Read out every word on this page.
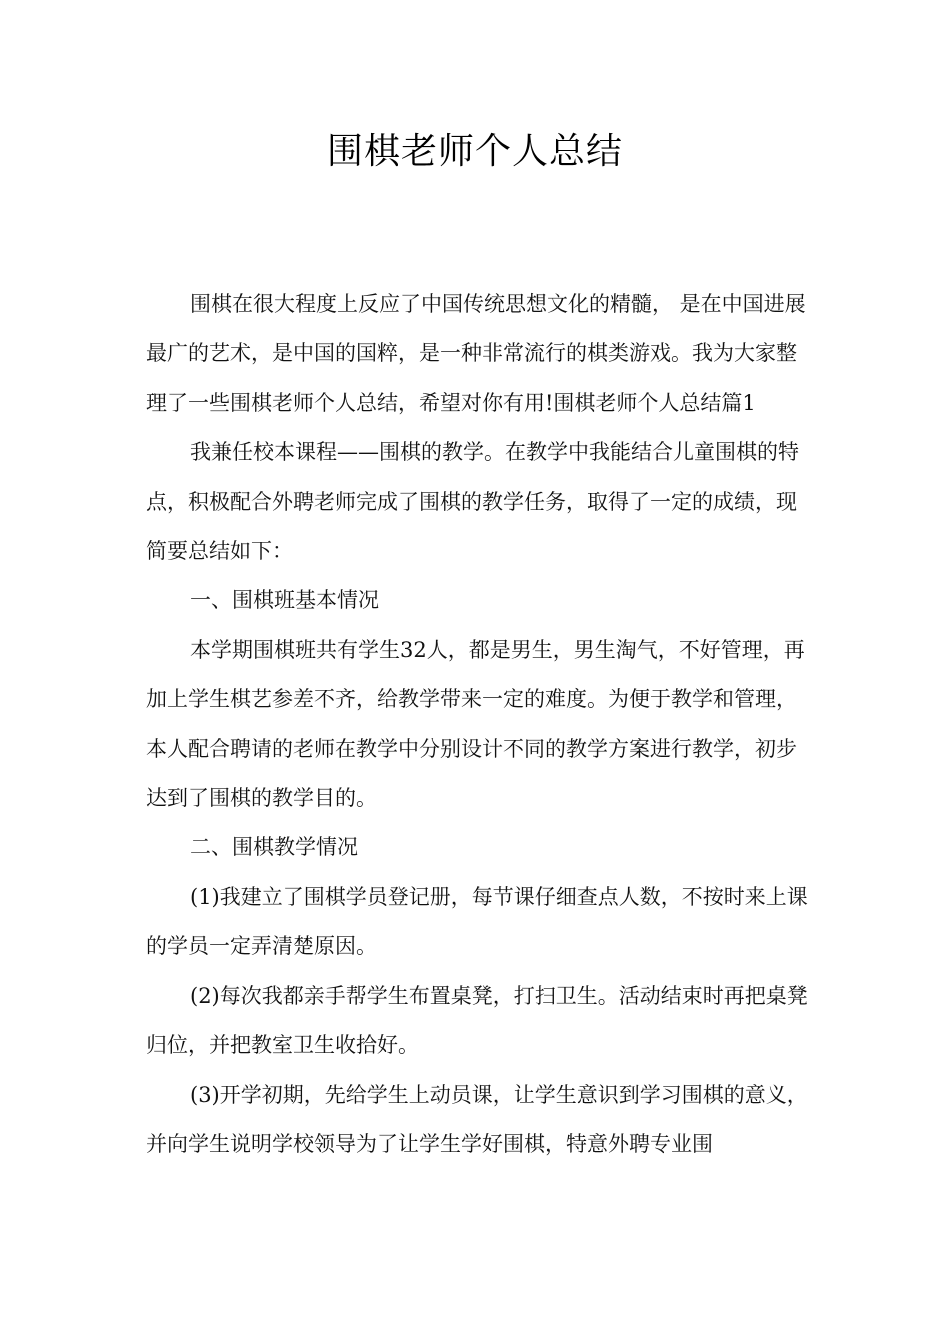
围棋老师个人总结

围棋在很大程度上反应了中国传统思想文化的精髓， 是在中国进展最广的艺术，是中国的国粹，是一种非常流行的棋类游戏。我为大家整理了一些围棋老师个人总结，希望对你有用!围棋老师个人总结篇1

我兼任校本课程——围棋的教学。在教学中我能结合儿童围棋的特点，积极配合外聘老师完成了围棋的教学任务，取得了一定的成绩，现简要总结如下：

一、围棋班基本情况

本学期围棋班共有学生32人，都是男生，男生淘气，不好管理，再加上学生棋艺参差不齐，给教学带来一定的难度。为便于教学和管理，本人配合聘请的老师在教学中分别设计不同的教学方案进行教学，初步达到了围棋的教学目的。

二、围棋教学情况

(1)我建立了围棋学员登记册，每节课仔细查点人数，不按时来上课的学员一定弄清楚原因。

(2)每次我都亲手帮学生布置桌凳，打扫卫生。活动结束时再把桌凳归位，并把教室卫生收拾好。

(3)开学初期，先给学生上动员课，让学生意识到学习围棋的意义，并向学生说明学校领导为了让学生学好围棋，特意外聘专业围
